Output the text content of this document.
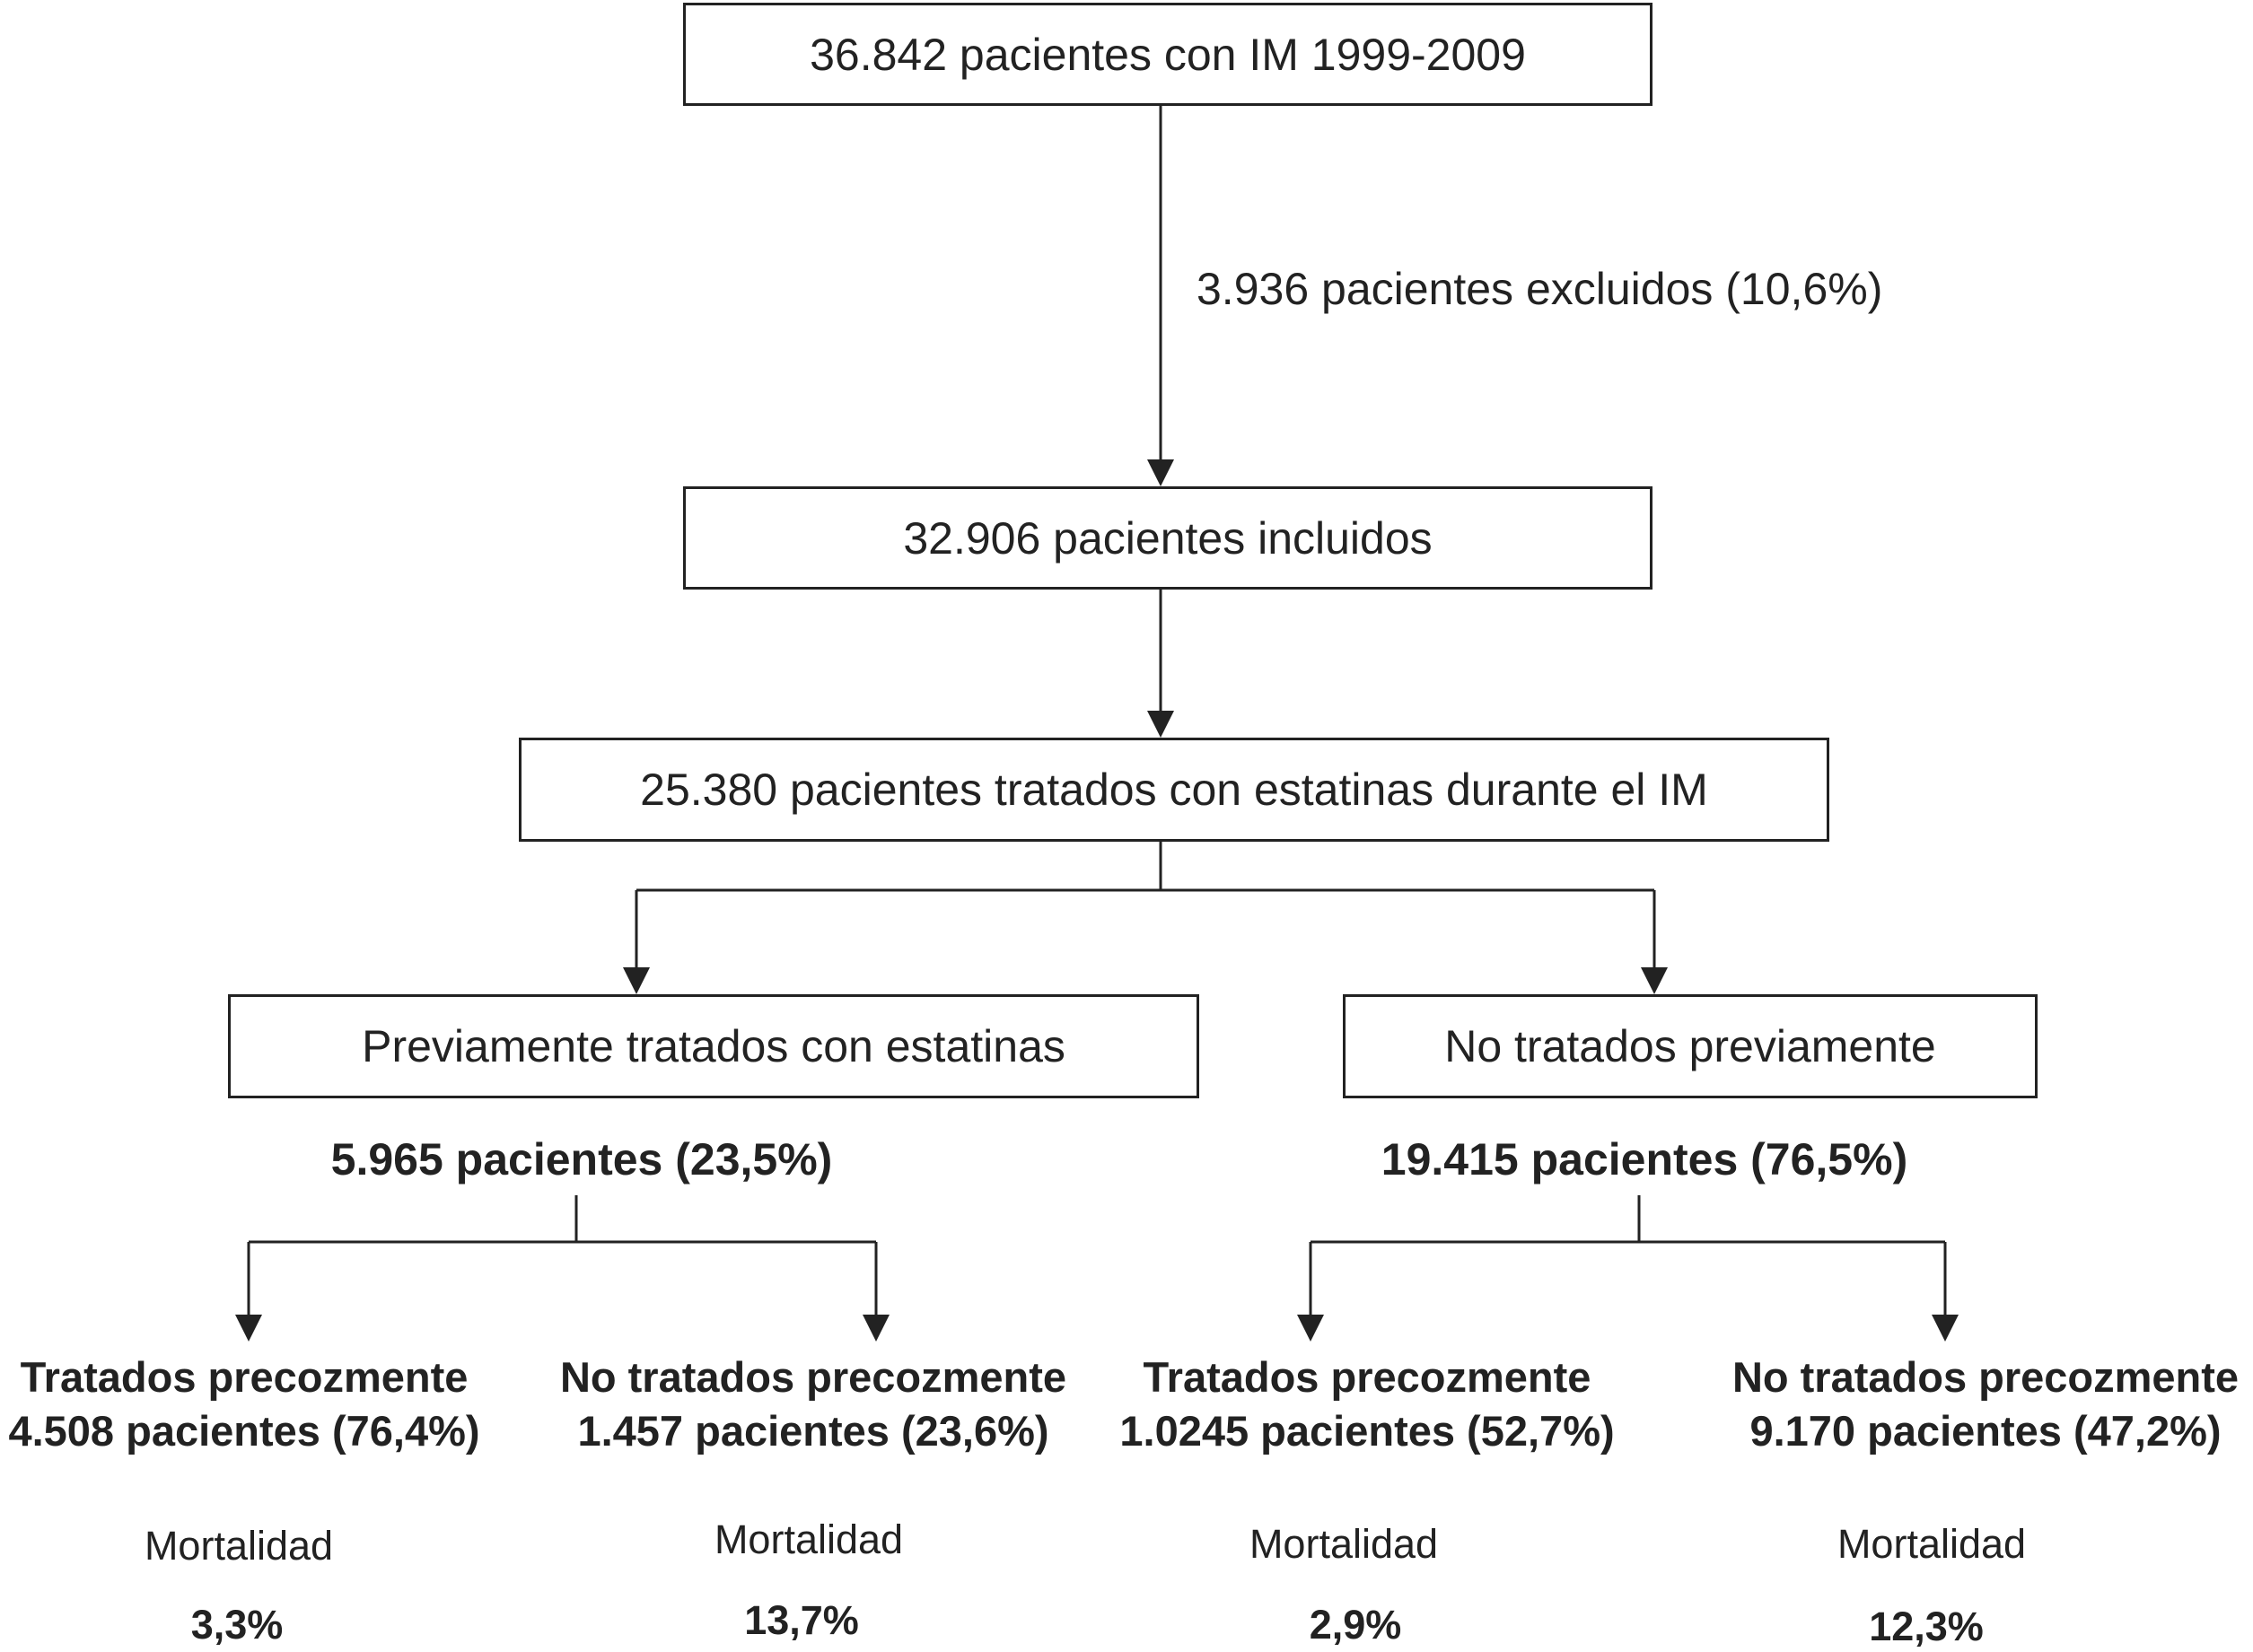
36.842 pacientes con IM 1999-2009
3.936 pacientes excluidos (10,6%)
32.906 pacientes incluidos
25.380 pacientes tratados con estatinas durante el IM
Previamente tratados con estatinas	No tratados previamente
5.965 pacientes (23,5%)	19.415 pacientes (76,5%)
Tratados precozmente
4.508 pacientes (76,4%)
No tratados precozmente
1.457 pacientes (23,6%)
Tratados precozmente
1.0245 pacientes (52,7%)
No tratados precozmente
9.170 pacientes (47,2%)
Mortalidad	Mortalidad	Mortalidad	Mortalidad
3,3%	13,7%	2,9%	12,3%
